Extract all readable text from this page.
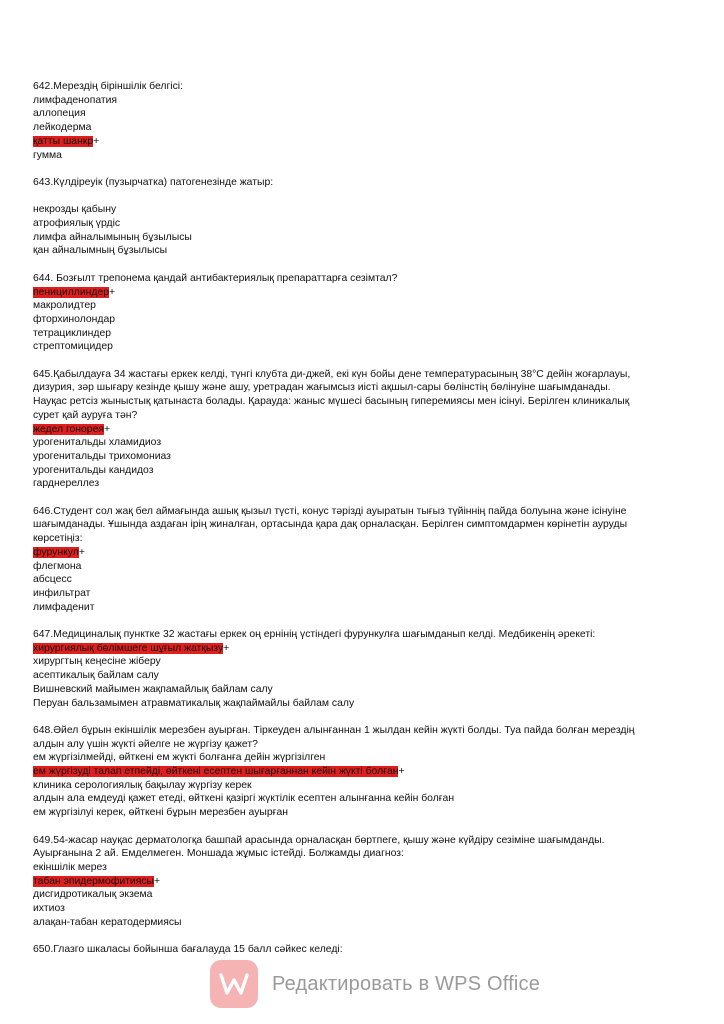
642.Мерездің біріншілік белгісі:
лимфаденопатия
аллопеция
лейкодерма
қатты шанкр+
гумма
643.Күлдіреуік (пузырчатка) патогенезінде жатыр:
некрозды қабыну
атрофиялық үрдіс
лимфа айналымының бұзылысы
қан айналымның бұзылысы
644. Бозғылт трепонема қандай антибактериялық препараттарға сезімтал?
пенициллиндер+
макролидтер
фторхинолондар
тетрациклиндер
стрептомицидер
645.Қабылдауға 34 жастағы еркек келді, түнгі клубта ди-джей, екі күн бойы дене температурасының 38°С дейін жоғарлауы,
дизурия, зәр шығару кезінде қышу және ашу, уретрадан жағымсыз иісті ақшыл-сары бөлінстің бөлінуіне шағымданады.
Науқас ретсіз жыныстық қатынаста болады. Қарауда: жаныс мүшесі басының гиперемиясы мен ісінуі. Берілген клиникалық
сурет қай ауруға тән?
жедел гонорея+
урогенитальды хламидиоз
урогенитальды трихомониаз
урогенитальды кандидоз
гарднереллез
646.Студент сол жақ бел аймағында ашық қызыл түсті, конус тәрізді ауыратын тығыз түйіннің пайда болуына және ісінуіне
шағымданады. Ұшында аздаған ірің жиналған, ортасында қара дақ орналасқан. Берілген симптомдармен көрінетін ауруды
көрсетіңіз:
фурункул+
флегмона
абсцесс
инфильтрат
лимфаденит
647.Медициналық пунктке 32 жастағы еркек оң ернінің үстіндегі фурункулға шағымданып келді. Медбикенің әрекеті:
хирургиялық бөлімшеге шұғыл жатқызу+
хирургтың кеңесіне жіберу
асептикалық байлам салу
Вишневский майымен жақпамайлық байлам салу
Перуан бальзамымен атравматикалық жақпаймайлы байлам салу
648.Әйел бұрын екіншілік мерезбен ауырған. Тіркеуден алынғаннан 1 жылдан кейін жүкті болды. Туа пайда болған мерездің
алдын алу үшін жүкті әйелге не жүргізу қажет?
ем жүргізілмейді, өйткені ем жүкті болғанға дейін жүргізілген
ем жүргізуді талап етпейді, өйткені есептен шығарғаннан кейін жүкті болған+
клиника серологиялық бақылау жүргізу керек
алдын ала емдеуді қажет етеді, өйткені қазіргі жүктілік есептен алынғанна кейін болған
ем жүргізілуі керек, өйткені бұрын мерезбен ауырған
649.54-жасар науқас дерматологқа башпай арасында орналасқан бөртпеге, қышу және күйдіру сезіміне шағымданды.
Ауырғанына 2 ай. Емделмеген. Моншада жұмыс істейді. Болжамды диагноз:
екіншілік мерез
табан эпидермофитиясы+
дисгидротикалық экзема
ихтиоз
алақан-табан кератодермиясы
650.Глазго шкаласы бойынша бағалауда 15 балл сәйкес келеді:
Редактировать в WPS Office
